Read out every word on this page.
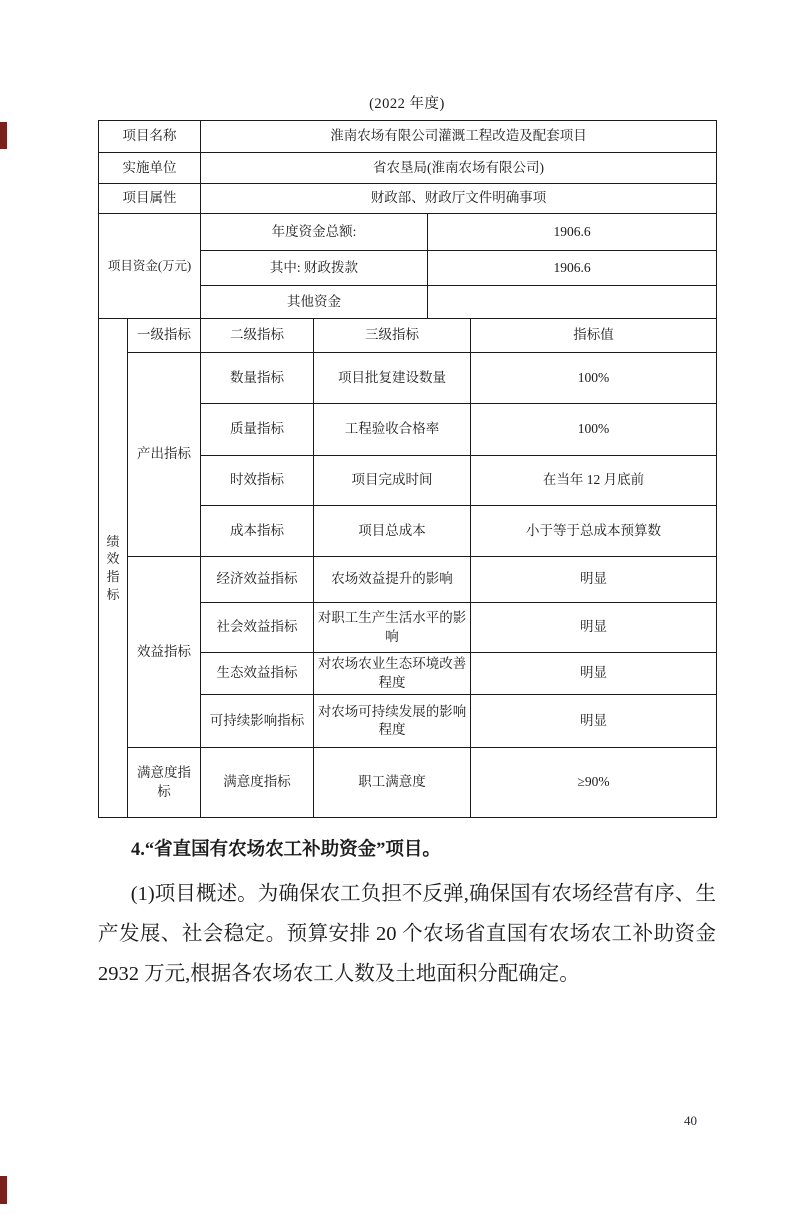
(2022 年度)
项目名称		淮南农场有限公司灌溉工程改造及配套项目			
实施单位		省农垦局(淮南农场有限公司)			
项目属性		财政部、财政厅文件明确事项			
项目资金(万元)		年度资金总额:		1906.6	
		其中: 财政拨款		1906.6	
		其他资金			
绩效指标	一级指标	二级指标	三级指标		指标值
	产出指标	数量指标	项目批复建设数量		100%
		质量指标	工程验收合格率		100%
		时效指标	项目完成时间		在当年 12 月底前
		成本指标	项目总成本		小于等于总成本预算数
	效益指标	经济效益指标	农场效益提升的影响		明显
		社会效益指标	对职工生产生活水平的影响		明显
		生态效益指标	对农场农业生态环境改善程度		明显
		可持续影响指标	对农场可持续发展的影响程度		明显
	满意度指标	满意度指标	职工满意度		≥90%
4.“省直国有农场农工补助资金”项目。
(1)项目概述。为确保农工负担不反弹,确保国有农场经营有序、生产发展、社会稳定。预算安排 20 个农场省直国有农场农工补助资金 2932 万元,根据各农场农工人数及土地面积分配确定。
40
